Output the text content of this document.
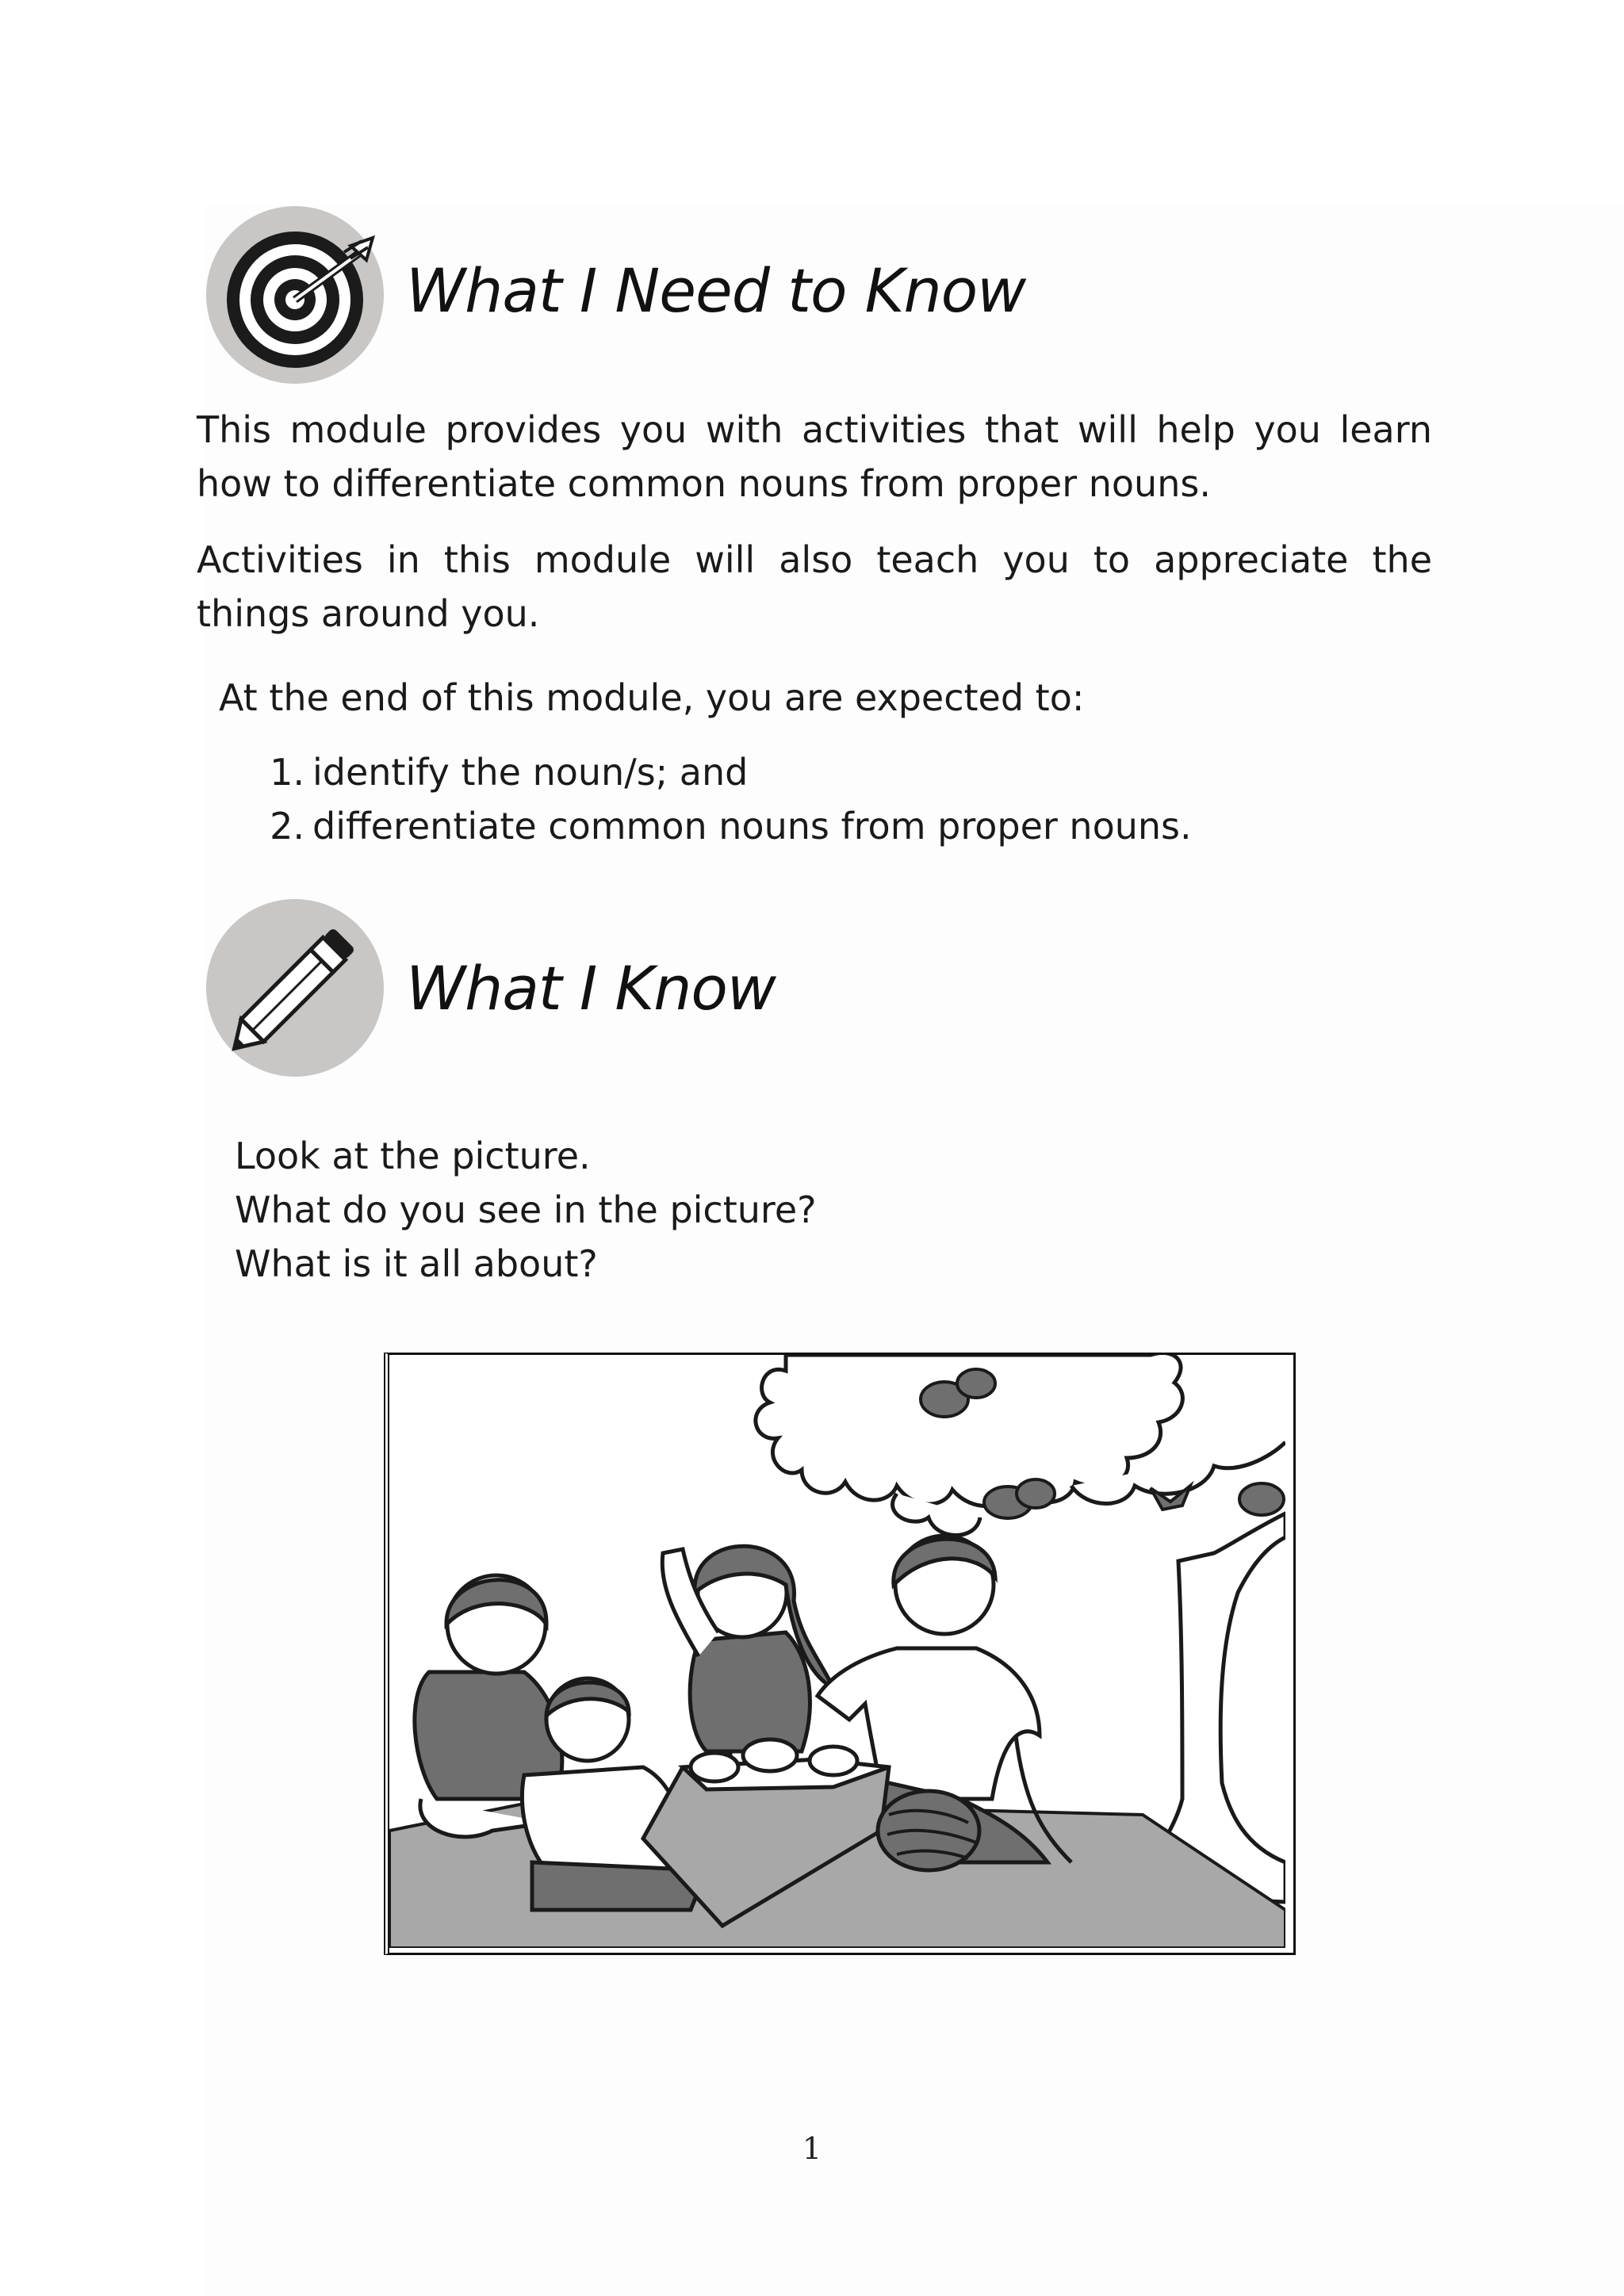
What I Need to Know

This module provides you with activities that will help you learn how to differentiate common nouns from proper nouns.

Activities in this module will also teach you to appreciate the things around you.

At the end of this module, you are expected to:

1. identify the noun/s; and
2. differentiate common nouns from proper nouns.
What I Know

Look at the picture.

What do you see in the picture?

What is it all about?

1
